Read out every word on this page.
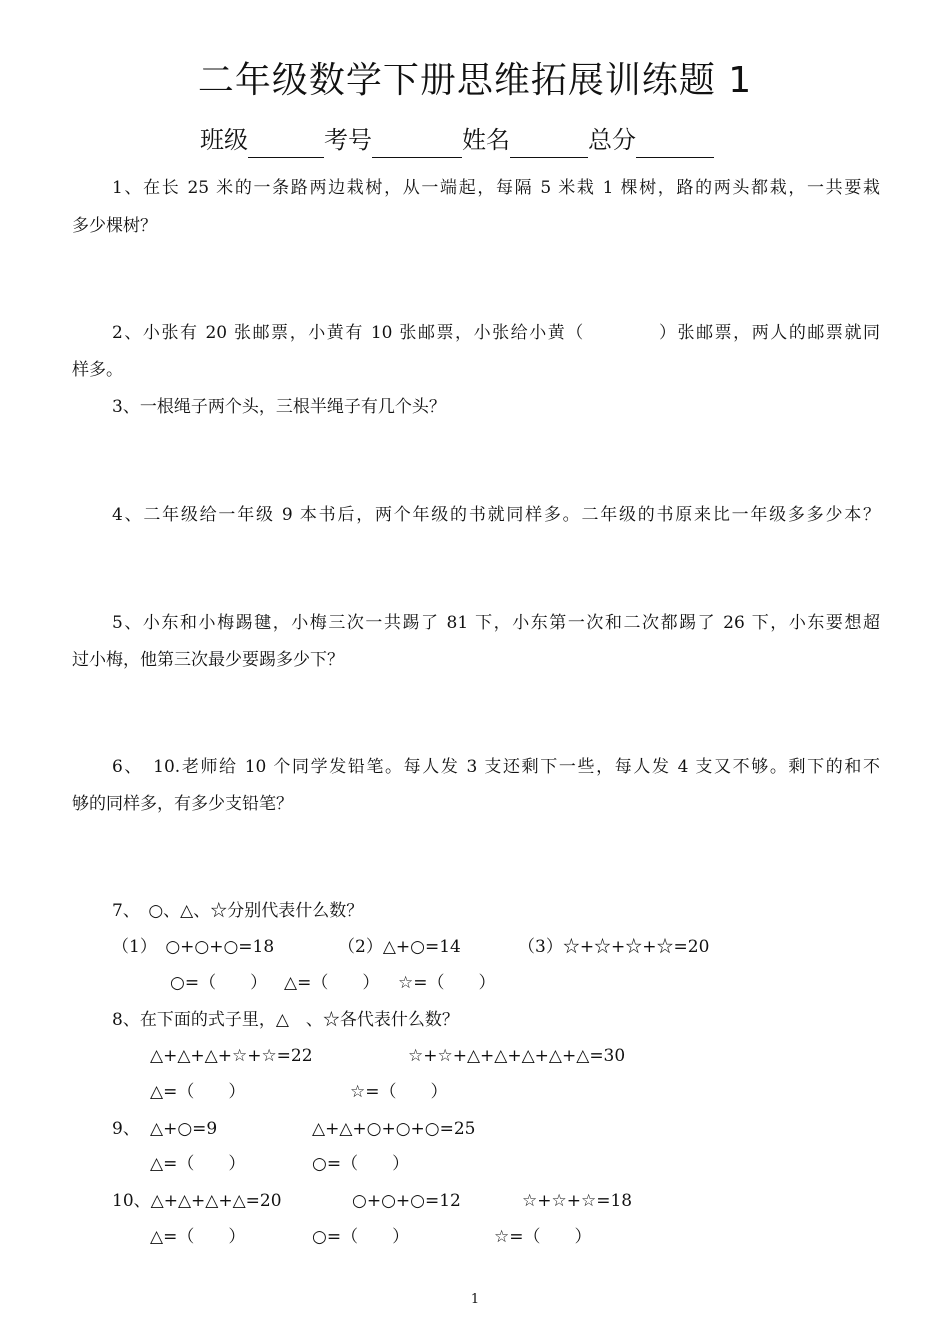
二年级数学下册思维拓展训练题 1
班级	考号	姓名	总分
1、在长 25 米的一条路两边栽树，从一端起，每隔 5 米栽 1 棵树，路的两头都栽，一共要栽
多少棵树？
2、小张有 20 张邮票，小黄有 10 张邮票，小张给小黄（　　　　）张邮票，两人的邮票就同
样多。
3、一根绳子两个头，三根半绳子有几个头？
4、二年级给一年级 9 本书后，两个年级的书就同样多。二年级的书原来比一年级多多少本？
5、小东和小梅踢毽，小梅三次一共踢了 81 下，小东第一次和二次都踢了 26 下，小东要想超
过小梅，他第三次最少要踢多少下？
6、　10.老师给 10 个同学发铅笔。每人发 3 支还剩下一些，每人发 4 支又不够。剩下的和不
够的同样多，有多少支铅笔？
7、　○、△、☆分别代表什么数？
（1）　○+○+○=18	（2）△+○=14	（3）☆+☆+☆+☆=20
○=（　　） △=（　　） ☆=（　　）
8、在下面的式子里，△　、☆各代表什么数？
△+△+△+☆+☆=22	☆+☆+△+△+△+△+△=30
△=（　　）	☆=（　　）
9、 △+○=9	△+△+○+○+○=25
△=（　　）	○=（　　）
10、△+△+△+△=20	○+○+○=12	☆+☆+☆=18
△=（　　）	○=（　　）	☆=（　　）
1
